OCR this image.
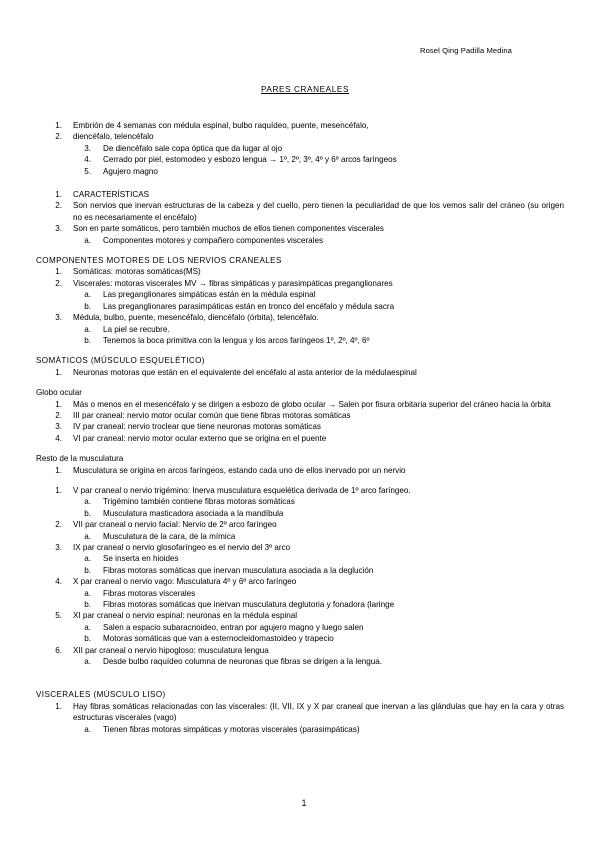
Rosel Qing Padilla Medina
PARES CRANEALES
1.	Embrión de 4 semanas con médula espinal, bulbo raquídeo, puente, mesencéfalo,
2.	diencéfalo, telencéfalo
3.	De diencéfalo sale copa óptica que da lugar al ojo
4.	Cerrado por piel, estomodeo y esbozo lengua → 1º, 2º, 3º, 4º y 6º arcos faríngeos
5.	Agujero magno
1.	CARACTERÍSTICAS
2.	Son nervios que inervan estructuras de la cabeza y del cuello, pero tienen la peculiaridad de que los vemos salir del cráneo (su origen no es necesariamente el encéfalo)
3.	Son en parte somáticos, pero también muchos de ellos tienen componentes viscerales
a.	Componentes motores y compañero componentes viscerales
COMPONENTES MOTORES DE LOS NERVIOS CRANEALES
1.	Somáticas: motoras somáticas(MS)
2.	Viscerales: motoras viscerales MV → fibras simpáticas y parasimpáticas preganglionares
a.	Las preganglionares simpáticas están en la médula espinal
b.	Las preganglionares parasimpáticas están en tronco del encéfalo y médula sacra
3.	Médula, bulbo, puente, mesencéfalo, diencéfalo (órbita), telencéfalo.
a.	La piel se recubre.
b.	Tenemos la boca primitiva con la lengua y los arcos faríngeos 1º, 2º, 4º, 6º
SOMÁTICOS (MÚSCULO ESQUELÉTICO)
1.	Neuronas motoras que están en el equivalente del encéfalo al asta anterior de la médulaespinal
Globo ocular
1.	Más o menos en el mesencéfalo y se dirigen a esbozo de globo ocular → Salen por fisura orbitaria superior del cráneo hacia la órbita
2.	III par craneal: nervio motor ocular común que tiene fibras motoras somáticas
3.	IV par craneal: nervio troclear que tiene neuronas motoras somáticas
4.	VI par craneal: nervio motor ocular externo que se origina en el puente
Resto de la musculatura
1.	Musculatura se origina en arcos faríngeos, estando cada uno de ellos inervado por un nervio
1.	V par craneal o nervio trigémino: Inerva musculatura esquelética derivada de 1º arco faríngeo.
a.	Trigémino también contiene fibras motoras somáticas
b.	Musculatura masticadora asociada a la mandíbula
2.	VII par craneal o nervio facial: Nervio de 2º arco faríngeo
a.	Musculatura de la cara, de la mímica
3.	IX par craneal o nervio glosofaríngeo es el nervio del 3º arco
a.	Se inserta en hioides
b.	Fibras motoras somáticas que inervan musculatura asociada a la deglución
4.	X par craneal o nervio vago: Musculatura 4º y 6º arco faríngeo
a.	Fibras motoras viscerales
b.	Fibras motoras somáticas que inervan musculatura deglutoria y fonadora (laringe
5.	XI par craneal o nervio espinal: neuronas en la médula espinal
a.	Salen a espacio subaracnoideo, entran por agujero magno y luego salen
b.	Motoras somáticas que van a esternocleidomastoideo y trapecio
6.	XII par craneal o nervio hipogloso: musculatura lengua
a.	Desde bulbo raquídeo columna de neuronas que fibras se dirigen a la lengua.
VISCERALES (MÚSCULO LISO)
1.	Hay fibras somáticas relacionadas con las viscerales: (II, VII, IX y X par craneal que inervan a las glándulas que hay en la cara y otras estructuras viscerales (vago)
a.	Tienen fibras motoras simpáticas y motoras viscerales (parasimpáticas)
1
